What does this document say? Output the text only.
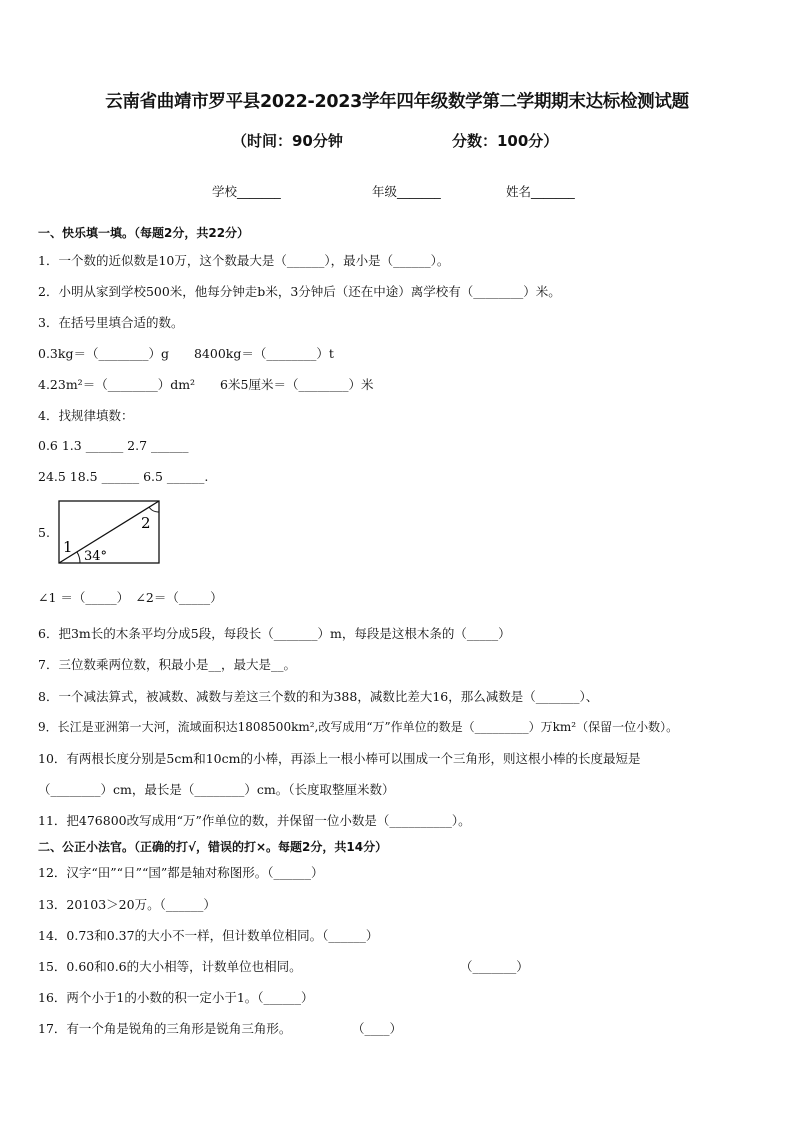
云南省曲靖市罗平县2022-2023学年四年级数学第二学期期末达标检测试题
（时间：90分钟	分数：100分）
学校_______	年级_______	姓名_______
一、快乐填一填。（每题2分，共22分）
1．一个数的近似数是10万，这个数最大是（______），最小是（______）。
2．小明从家到学校500米，他每分钟走b米，3分钟后（还在中途）离学校有（________）米。
3．在括号里填合适的数。
0.3kg＝（________）g　　8400kg＝（________）t
4.23m²＝（________）dm²　　6米5厘米＝（________）米
4．找规律填数：
0.6 1.3 ______ 2.7 ______
24.5 18.5 ______ 6.5 ______.
5.
1
2
34°
∠1 ＝（_____）　∠2＝（_____）
6．把3m长的木条平均分成5段，每段长（_______）m，每段是这根木条的（_____）
7．三位数乘两位数，积最小是__，最大是__。
8．一个减法算式，被减数、减数与差这三个数的和为388，减数比差大16，那么减数是（_______）、
9．长江是亚洲第一大河，流域面积达1808500km²,改写成用“万”作单位的数是（_________）万km²（保留一位小数）。
10．有两根长度分别是5cm和10cm的小棒，再添上一根小棒可以围成一个三角形，则这根小棒的长度最短是
（________）cm，最长是（________）cm。（长度取整厘米数）
11．把476800改写成用“万”作单位的数，并保留一位小数是（__________）。
二、公正小法官。（正确的打√，错误的打×。每题2分，共14分）
12．汉字“田”“日”“国”都是轴对称图形。（______）
13．20103＞20万。（______）
14．0.73和0.37的大小不一样，但计数单位相同。（______）
15．0.60和0.6的大小相等，计数单位也相同。	（_______）
16．两个小于1的小数的积一定小于1。（______）
17．有一个角是锐角的三角形是锐角三角形。	（____）
